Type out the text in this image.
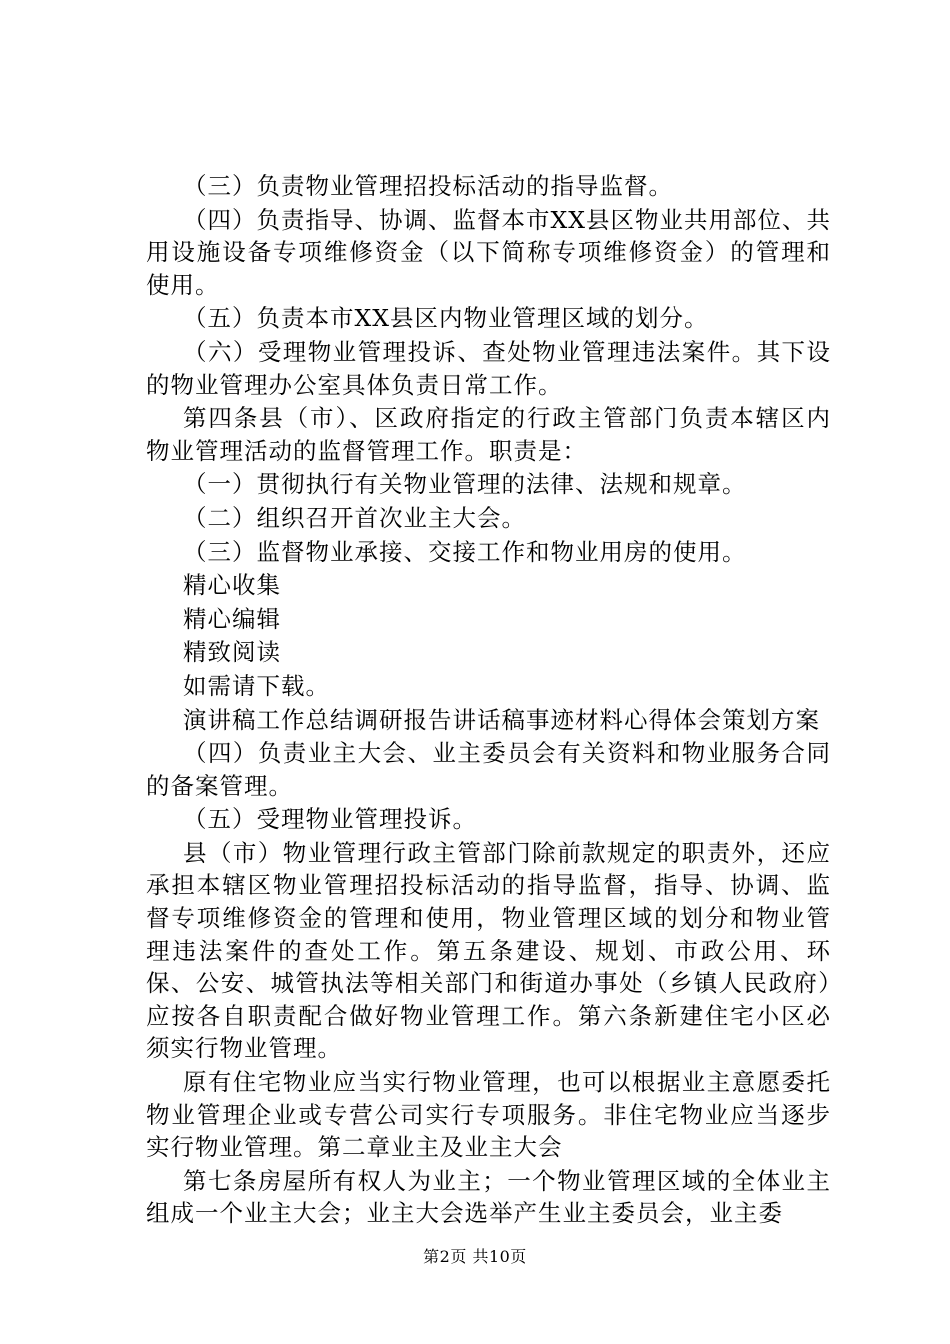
（三）负责物业管理招投标活动的指导监督。

（四）负责指导、协调、监督本市XX县区物业共用部位、共用设施设备专项维修资金（以下简称专项维修资金）的管理和使用。

（五）负责本市XX县区内物业管理区域的划分。

（六）受理物业管理投诉、查处物业管理违法案件。其下设的物业管理办公室具体负责日常工作。

第四条县（市）、区政府指定的行政主管部门负责本辖区内物业管理活动的监督管理工作。职责是：

（一）贯彻执行有关物业管理的法律、法规和规章。

（二）组织召开首次业主大会。

（三）监督物业承接、交接工作和物业用房的使用。

精心收集

精心编辑

精致阅读

如需请下载。

演讲稿工作总结调研报告讲话稿事迹材料心得体会策划方案

（四）负责业主大会、业主委员会有关资料和物业服务合同的备案管理。

（五）受理物业管理投诉。

县（市）物业管理行政主管部门除前款规定的职责外，还应承担本辖区物业管理招投标活动的指导监督，指导、协调、监督专项维修资金的管理和使用，物业管理区域的划分和物业管理违法案件的查处工作。第五条建设、规划、市政公用、环保、公安、城管执法等相关部门和街道办事处（乡镇人民政府）应按各自职责配合做好物业管理工作。第六条新建住宅小区必须实行物业管理。

原有住宅物业应当实行物业管理，也可以根据业主意愿委托物业管理企业或专营公司实行专项服务。非住宅物业应当逐步实行物业管理。第二章业主及业主大会

第七条房屋所有权人为业主；一个物业管理区域的全体业主组成一个业主大会；业主大会选举产生业主委员会，业主委

第2页 共10页
